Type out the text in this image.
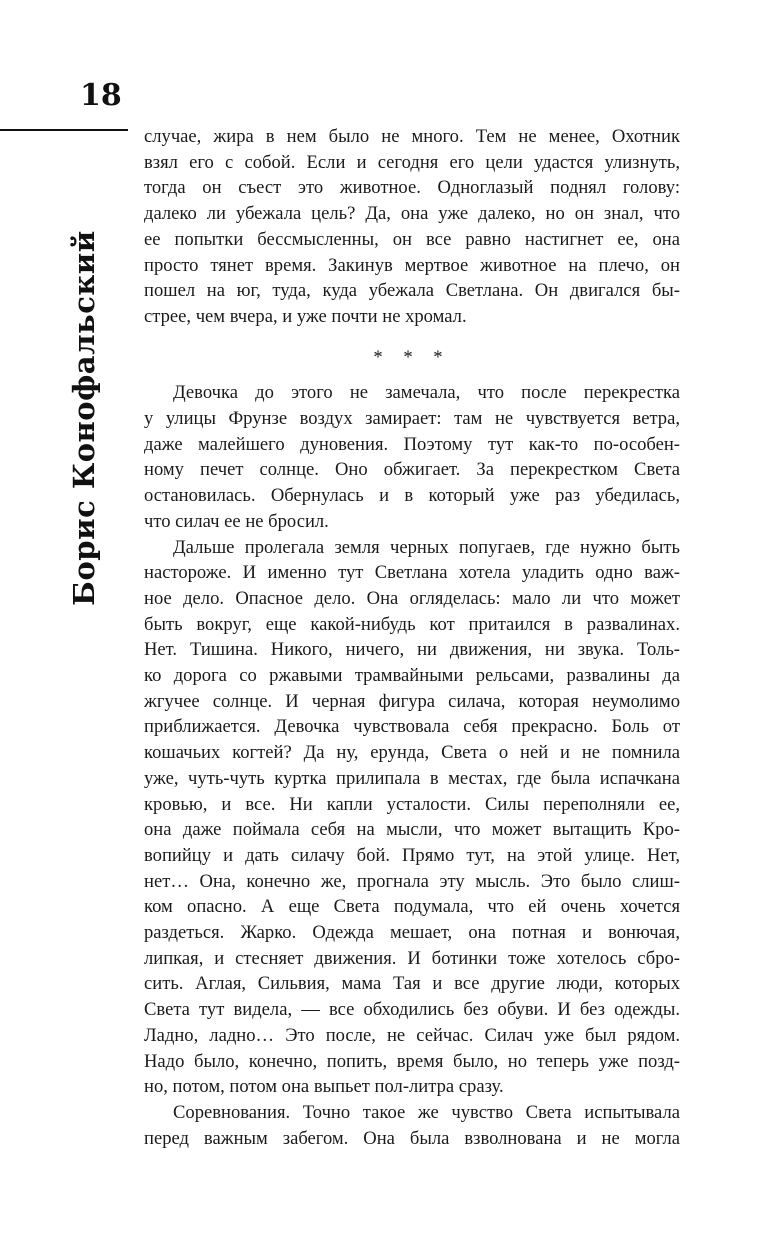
18
Борис Конофальский

случае, жира в нем было не много. Тем не менее, Охотник

взял его с собой. Если и сегодня его цели удастся улизнуть,

тогда он съест это животное. Одноглазый поднял голову:

далеко ли убежала цель? Да, она уже далеко, но он знал, что

ее попытки бессмысленны, он все равно настигнет ее, она

просто тянет время. Закинув мертвое животное на плечо, он

пошел на юг, туда, куда убежала Светлана. Он двигался бы-

стрее, чем вчера, и уже почти не хромал.

* * *

Девочка до этого не замечала, что после перекрестка

у улицы Фрунзе воздух замирает: там не чувствуется ветра,

даже малейшего дуновения. Поэтому тут как-то по-особен-

ному печет солнце. Оно обжигает. За перекрестком Света

остановилась. Обернулась и в который уже раз убедилась,

что силач ее не бросил.

Дальше пролегала земля черных попугаев, где нужно быть

настороже. И именно тут Светлана хотела уладить одно важ-

ное дело. Опасное дело. Она огляделась: мало ли что может

быть вокруг, еще какой-нибудь кот притаился в развалинах.

Нет. Тишина. Никого, ничего, ни движения, ни звука. Толь-

ко дорога со ржавыми трамвайными рельсами, развалины да

жгучее солнце. И черная фигура силача, которая неумолимо

приближается. Девочка чувствовала себя прекрасно. Боль от

кошачьих когтей? Да ну, ерунда, Света о ней и не помнила

уже, чуть-чуть куртка прилипала в местах, где была испачкана

кровью, и все. Ни капли усталости. Силы переполняли ее,

она даже поймала себя на мысли, что может вытащить Кро-

вопийцу и дать силачу бой. Прямо тут, на этой улице. Нет,

нет… Она, конечно же, прогнала эту мысль. Это было слиш-

ком опасно. А еще Света подумала, что ей очень хочется

раздеться. Жарко. Одежда мешает, она потная и вонючая,

липкая, и стесняет движения. И ботинки тоже хотелось сбро-

сить. Аглая, Сильвия, мама Тая и все другие люди, которых

Света тут видела, — все обходились без обуви. И без одежды.

Ладно, ладно… Это после, не сейчас. Силач уже был рядом.

Надо было, конечно, попить, время было, но теперь уже позд-

но, потом, потом она выпьет пол-литра сразу.

Соревнования. Точно такое же чувство Света испытывала

перед важным забегом. Она была взволнована и не могла
